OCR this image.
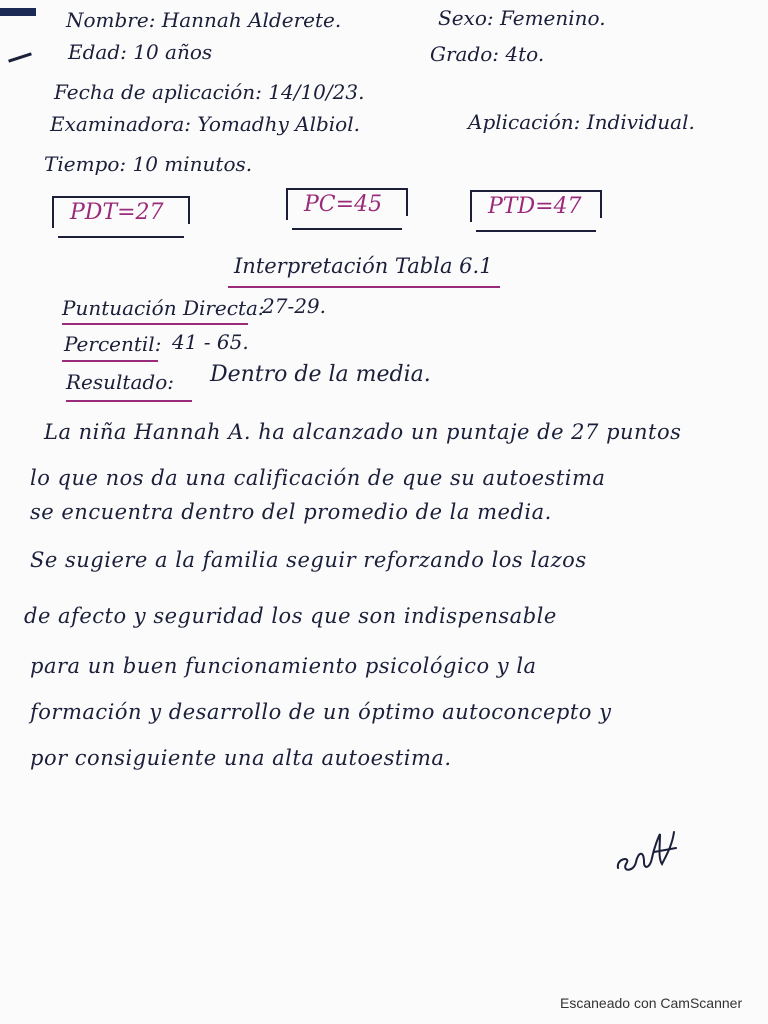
Nombre: Hannah Alderete.	Sexo: Femenino.
Edad: 10 años	Grado: 4to.
Fecha de aplicación: 14/10/23.
Examinadora: Yomadhy Albiol.	Aplicación: Individual.
Tiempo: 10 minutos.
PDT=27	PC=45	PTD=47
Interpretación Tabla 6.1
Puntuación Directa:
27-29.
Percentil: 41 - 65.
Resultado: Dentro de la media.
La niña Hannah A. ha alcanzado un puntaje de 27 puntos
lo que nos da una calificación de que su autoestima
se encuentra dentro del promedio de la media.
Se sugiere a la familia seguir reforzando los lazos
de afecto y seguridad los que son indispensable
para un buen funcionamiento psicológico y la
formación y desarrollo de un óptimo autoconcepto y
por consiguiente una alta autoestima.
Escaneado con CamScanner
